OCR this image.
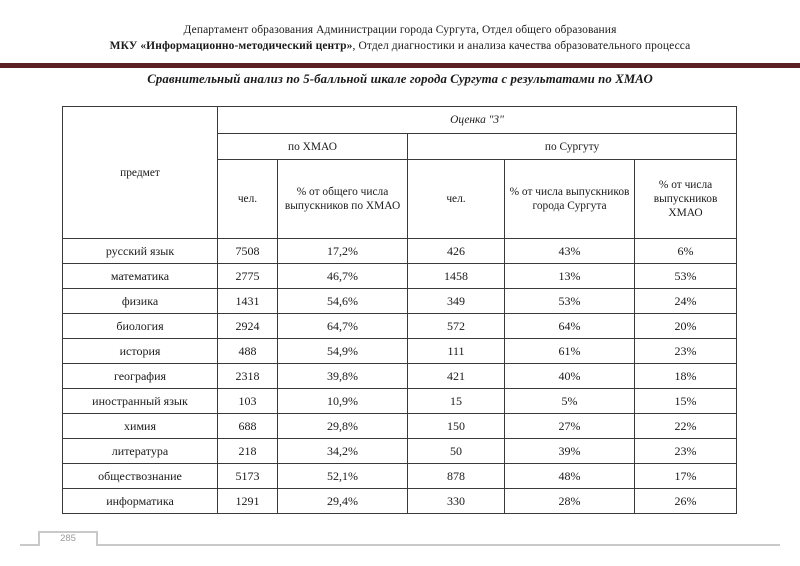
Департамент образования Администрации города Сургута, Отдел общего образования
МКУ «Информационно-методический центр», Отдел диагностики и анализа качества образовательного процесса
Сравнительный анализ по 5-балльной шкале города Сургута с результатами по ХМАО
предмет	Оценка "3"				
	по ХМАО		по Сургуту		
	чел.	% от общего числа выпускников по ХМАО	чел.	% от числа выпускников города Сургута	% от числа выпускников ХМАО
русский язык	7508	17,2%	426	43%	6%
математика	2775	46,7%	1458	13%	53%
физика	1431	54,6%	349	53%	24%
биология	2924	64,7%	572	64%	20%
история	488	54,9%	111	61%	23%
география	2318	39,8%	421	40%	18%
иностранный язык	103	10,9%	15	5%	15%
химия	688	29,8%	150	27%	22%
литература	218	34,2%	50	39%	23%
обществознание	5173	52,1%	878	48%	17%
информатика	1291	29,4%	330	28%	26%
285
